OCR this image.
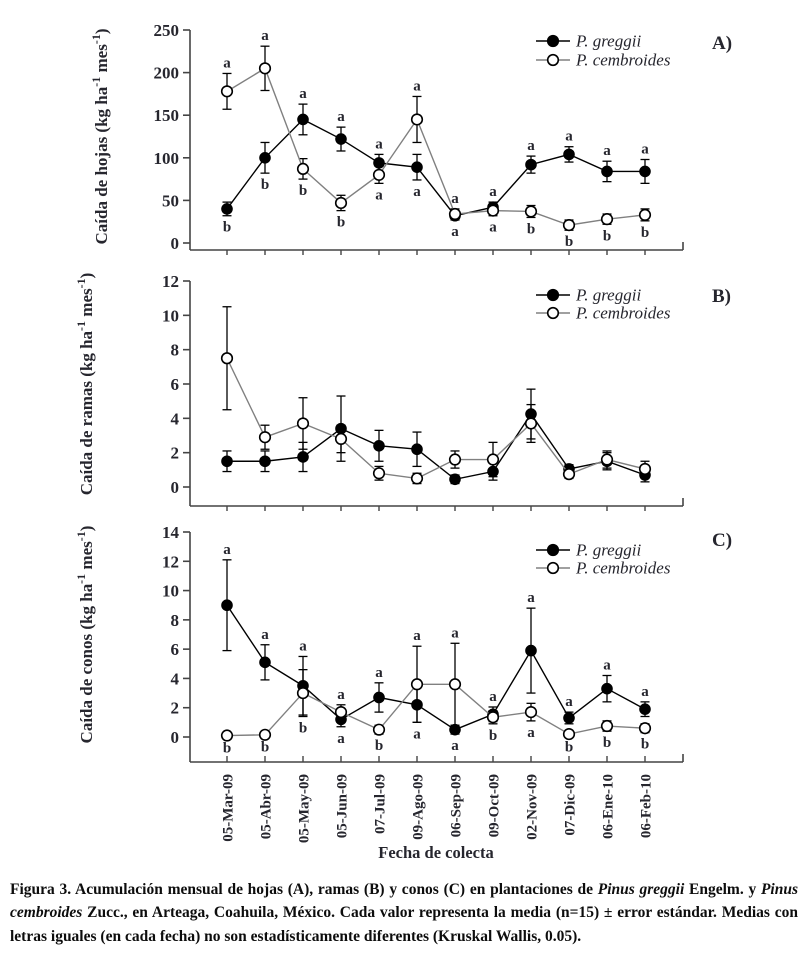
0
50
100
150
200
250
Caída de hojas (kg $ha^{-1}$ mes$^{-1}$)
a
b
a
b
a
b
a
b
a
a
a
a a
a
a
a
a
b
a
b
a
b
a
b
P. greggii
P. cembroides
A)
0
2
4
6
8
10
12
Caída de ramas (kg $ha^{-1}$ mes$^{-1}$)
P. greggii
P. cembroides
B)
0
2
4
6
8
10
12
14
Caída de conos (kg $ha^{-1}$ mes$^{-1}$)
a
b
a
b
a
b
a
a
a
b
a
a
a
a
a
b
a
a
a
b
a
b
a
b
P. greggii
P. cembroides
C)
05-Mar-09 05-Abr-09 05-May-09 05-Jun-09 07-Jul-09 09-Ago-09 06-Sep-09 09-Oct-09 02-Nov-09 07-Dic-09 06-Ene-10 06-Feb-10
Fecha de colecta

Figura 3. Acumulación mensual de hojas (A), ramas (B) y conos (C) en plantaciones de Pinus greggii Engelm. y Pinus cembroides Zucc., en Arteaga, Coahuila, México. Cada valor representa la media (n=15) ± error estándar. Medias con letras iguales (en cada fecha) no son estadísticamente diferentes (Kruskal Wallis, 0.05).
